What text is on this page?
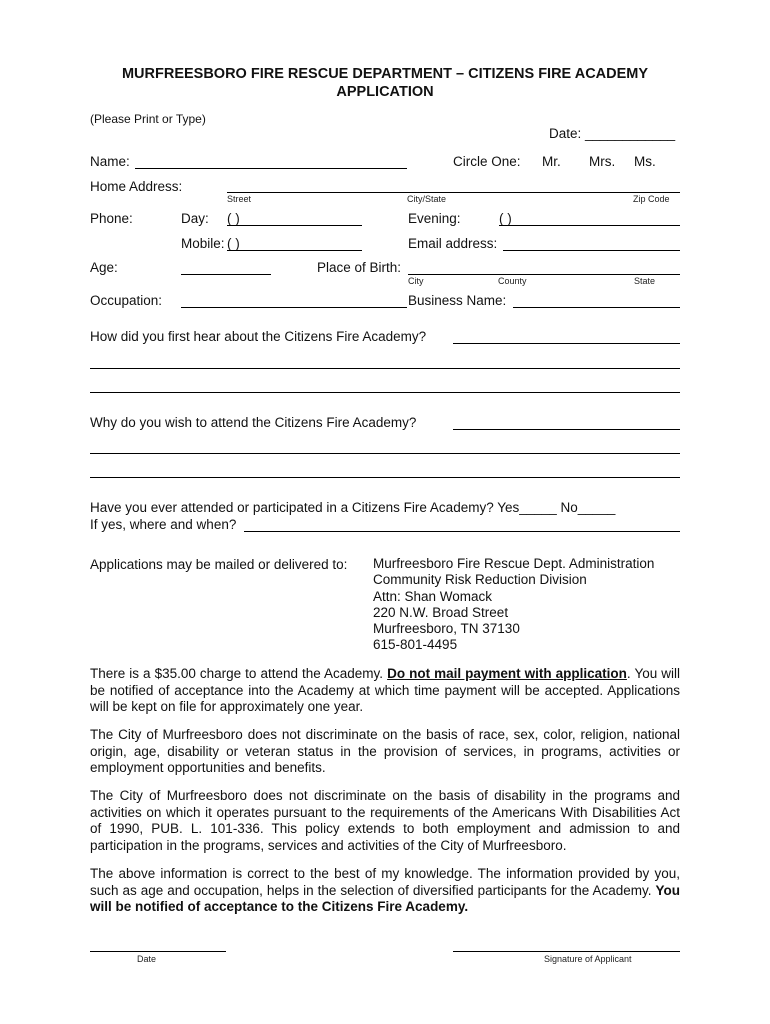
MURFREESBORO FIRE RESCUE DEPARTMENT – CITIZENS FIRE ACADEMY
APPLICATION
(Please Print or Type)
Date: ____________
Name:	Circle One: Mr. Mrs. Ms.
Home Address:
Street	City/State	Zip Code
Phone:	Day: ( )	Evening:	( )
Mobile: ( )	Email address:
Age:	Place of Birth:
City	County	State
Occupation:	Business Name:
How did you first hear about the Citizens Fire Academy?
Why do you wish to attend the Citizens Fire Academy?
Have you ever attended or participated in a Citizens Fire Academy? Yes_____ No_____
If yes, where and when?
Applications may be mailed or delivered to: Murfreesboro Fire Rescue Dept. Administration
Community Risk Reduction Division
Attn: Shan Womack
220 N.W. Broad Street
Murfreesboro, TN 37130
615-801-4495
There is a $35.00 charge to attend the Academy. Do not mail payment with application. You will be notified of acceptance into the Academy at which time payment will be accepted. Applications will be kept on file for approximately one year.
The City of Murfreesboro does not discriminate on the basis of race, sex, color, religion, national origin, age, disability or veteran status in the provision of services, in programs, activities or employment opportunities and benefits.
The City of Murfreesboro does not discriminate on the basis of disability in the programs and activities on which it operates pursuant to the requirements of the Americans With Disabilities Act of 1990, PUB. L. 101-336. This policy extends to both employment and admission to and participation in the programs, services and activities of the City of Murfreesboro.
The above information is correct to the best of my knowledge. The information provided by you, such as age and occupation, helps in the selection of diversified participants for the Academy. You will be notified of acceptance to the Citizens Fire Academy.
Date	Signature of Applicant
